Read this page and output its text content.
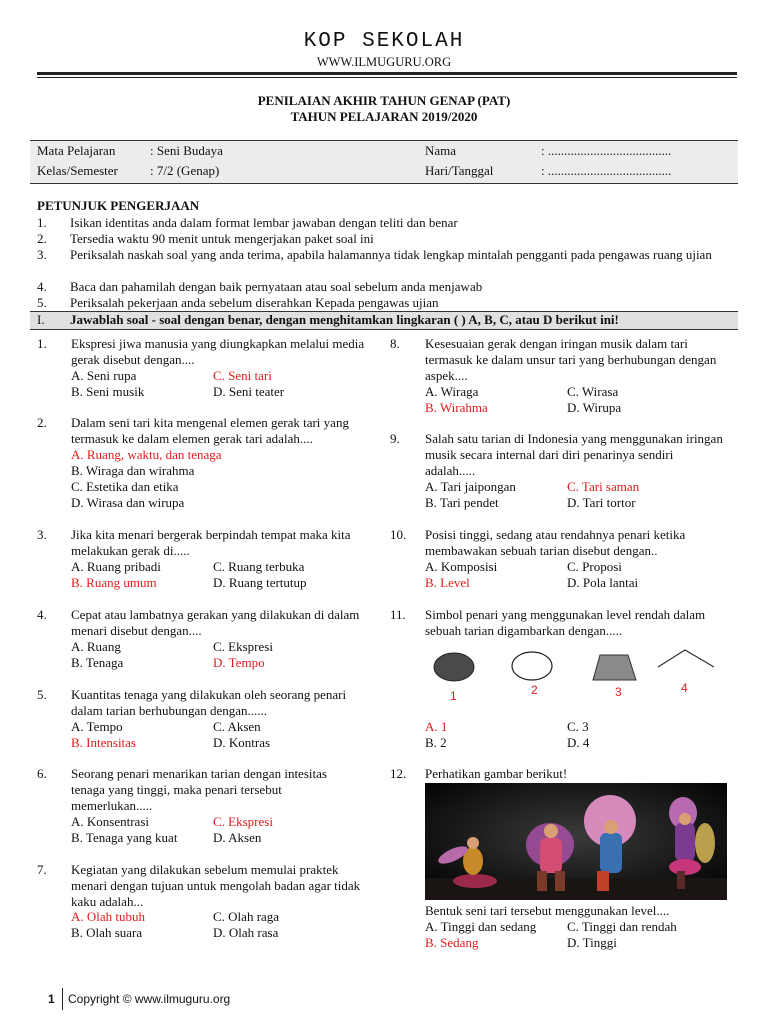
KOP SEKOLAH
WWW.ILMUGURU.ORG
PENILAIAN AKHIR TAHUN GENAP (PAT)
TAHUN PELAJARAN 2019/2020
Mata Pelajaran	: Seni Budaya
Kelas/Semester : 7/2 (Genap)
Nama	: ......................................
Hari/Tanggal	: ......................................
PETUNJUK PENGERJAAN
1.	Isikan identitas anda dalam format lembar jawaban dengan teliti dan benar
2.	Tersedia waktu 90 menit untuk mengerjakan paket soal ini
3.	Periksalah naskah soal yang anda terima, apabila halamannya tidak lengkap mintalah pengganti pada pengawas ruang ujian
4.	Baca dan pahamilah dengan baik pernyataan atau soal sebelum anda menjawab
5.	Periksalah pekerjaan anda sebelum diserahkan Kepada pengawas ujian
I. Jawablah soal - soal dengan benar, dengan menghitamkan lingkaran ( ) A, B, C, atau D berikut ini!
1. Ekspresi jiwa manusia yang diungkapkan melalui media gerak disebut dengan....
A. Seni rupa	C. Seni tari
B. Seni musik	D. Seni teater
2. Dalam seni tari kita mengenal elemen gerak tari yang termasuk ke dalam elemen gerak tari adalah....
A. Ruang, waktu, dan tenaga
B. Wiraga dan wirahma
C. Estetika dan etika
D. Wirasa dan wirupa
3. Jika kita menari bergerak berpindah tempat maka kita melakukan gerak di.....
A. Ruang pribadi	C. Ruang terbuka
B. Ruang umum	D. Ruang tertutup
4. Cepat atau lambatnya gerakan yang dilakukan di dalam menari disebut dengan....
A. Ruang	C. Ekspresi
B. Tenaga	D. Tempo
5. Kuantitas tenaga yang dilakukan oleh seorang penari dalam tarian berhubungan dengan......
A. Tempo	C. Aksen
B. Intensitas	D. Kontras
6. Seorang penari menarikan tarian dengan intesitas tenaga yang tinggi, maka penari tersebut memerlukan.....
A. Konsentrasi	C. Ekspresi
B. Tenaga yang kuat	D. Aksen
7. Kegiatan yang dilakukan sebelum memulai praktek menari dengan tujuan untuk mengolah badan agar tidak kaku adalah...
A. Olah tubuh	C. Olah raga
B. Olah suara	D. Olah rasa
8. Kesesuaian gerak dengan iringan musik dalam tari termasuk ke dalam unsur tari yang berhubungan dengan aspek....
A. Wiraga	C. Wirasa
B. Wirahma	D. Wirupa
9. Salah satu tarian di Indonesia yang menggunakan iringan musik secara internal dari diri penarinya sendiri adalah.....
A. Tari jaipongan	C. Tari saman
B. Tari pendet	D. Tari tortor
10. Posisi tinggi, sedang atau rendahnya penari ketika membawakan sebuah tarian disebut dengan..
A. Komposisi	C. Proposi
B. Level	D. Pola lantai
11. Simbol penari yang menggunakan level rendah dalam sebuah tarian digambarkan dengan.....
1	2	3	4
A. 1	C. 3
B. 2	D. 4
12. Perhatikan gambar berikut!
Bentuk seni tari tersebut menggunakan level....
A. Tinggi dan sedang C. Tinggi dan rendah
B. Sedang	D. Tinggi
1 Copyright © www.ilmuguru.org
